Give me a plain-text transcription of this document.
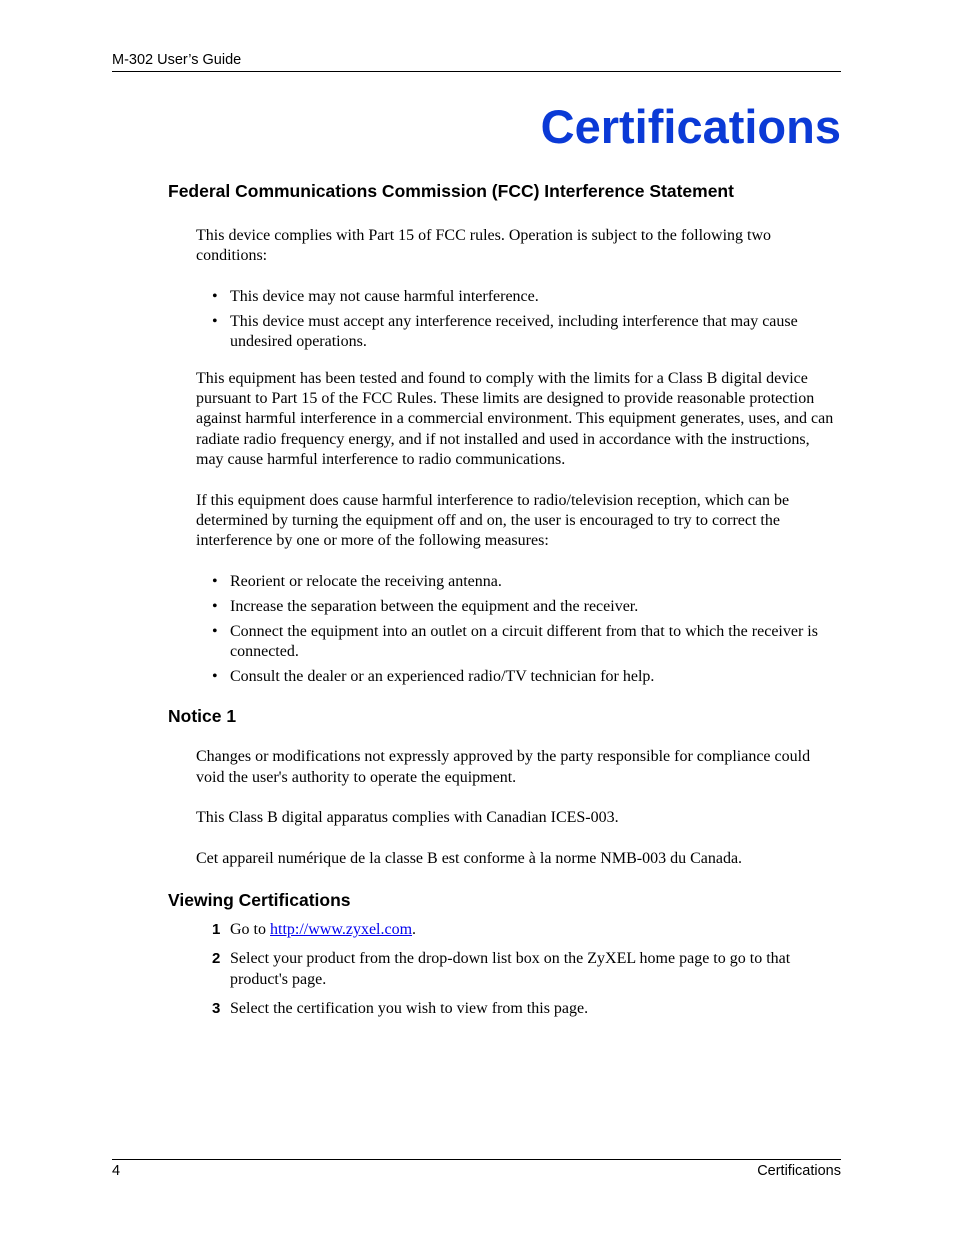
M-302 User’s Guide
Certifications
Federal Communications Commission (FCC) Interference Statement

This device complies with Part 15 of FCC rules. Operation is subject to the following two conditions:

• This device may not cause harmful interference.
• This device must accept any interference received, including interference that may cause undesired operations.

This equipment has been tested and found to comply with the limits for a Class B digital device pursuant to Part 15 of the FCC Rules. These limits are designed to provide reasonable protection against harmful interference in a commercial environment. This equipment generates, uses, and can radiate radio frequency energy, and if not installed and used in accordance with the instructions, may cause harmful interference to radio communications.

If this equipment does cause harmful interference to radio/television reception, which can be determined by turning the equipment off and on, the user is encouraged to try to correct the interference by one or more of the following measures:

• Reorient or relocate the receiving antenna.
• Increase the separation between the equipment and the receiver.
• Connect the equipment into an outlet on a circuit different from that to which the receiver is connected.
• Consult the dealer or an experienced radio/TV technician for help.
Notice 1

Changes or modifications not expressly approved by the party responsible for compliance could void the user's authority to operate the equipment.

This Class B digital apparatus complies with Canadian ICES-003.

Cet appareil numérique de la classe B est conforme à la norme NMB-003 du Canada.

Viewing Certifications
1 Go to http://www.zyxel.com.
2 Select your product from the drop-down list box on the ZyXEL home page to go to that product's page.
3 Select the certification you wish to view from this page.
4	Certifications
